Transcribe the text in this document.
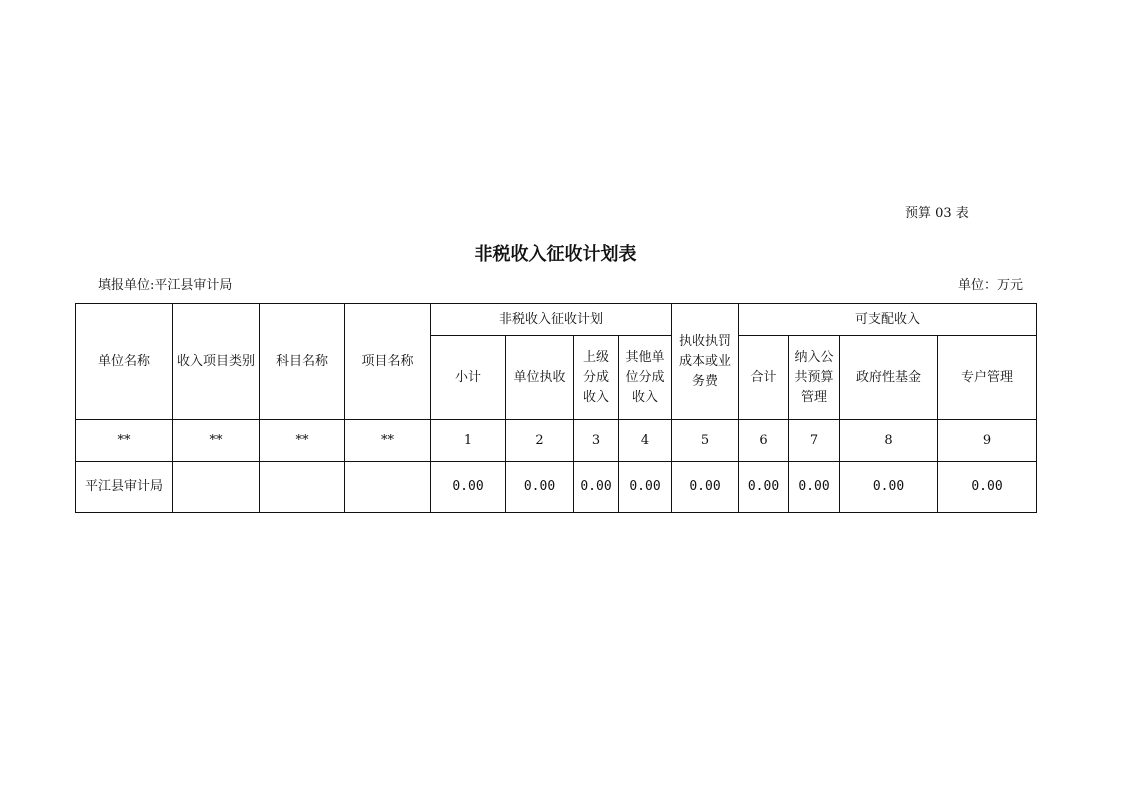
预算 03 表
非税收入征收计划表
填报单位:平江县审计局	单位：万元
单位名称	收入项目类别	科目名称	项目名称	非税收入征收计划				执收执罚成本或业务费	可支配收入			
				小计	单位执收	上级分成收入	其他单位分成收入		合计	纳入公共预算管理	政府性基金	专户管理
**	**	**	**	1	2	3	4	5	6	7	8	9
平江县审计局				0.00	0.00	0.00	0.00	0.00	0.00	0.00	0.00	0.00
